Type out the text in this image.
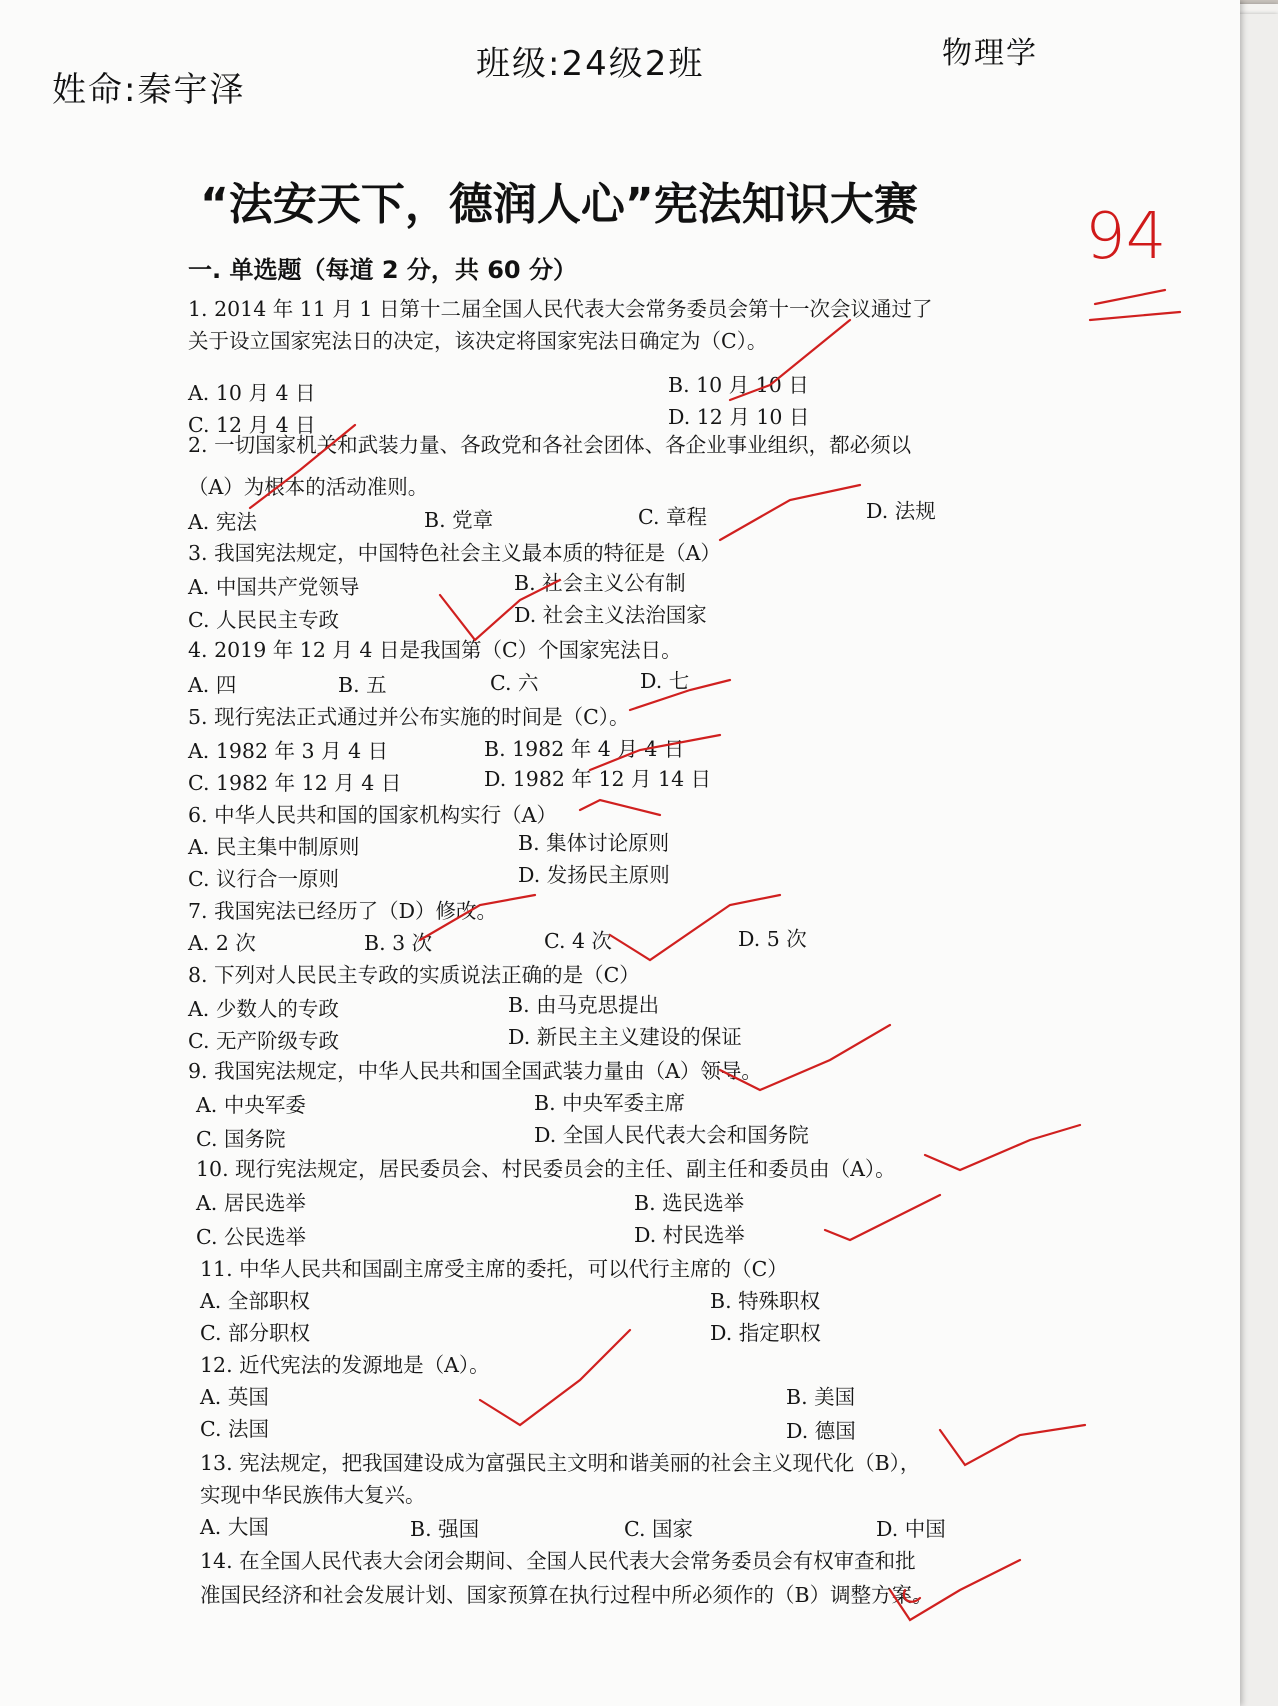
姓命:秦宇泽
班级:24级2班	物理学
“法安天下，德润人心”宪法知识大赛
一. 单选题（每道 2 分，共 60 分）	94
1. 2014 年 11 月 1 日第十二届全国人民代表大会常务委员会第十一次会议通过了
关于设立国家宪法日的决定，该决定将国家宪法日确定为（C）。
A. 10 月 4 日	B. 10 月 10 日
C. 12 月 4 日	D. 12 月 10 日
2. 一切国家机关和武装力量、各政党和各社会团体、各企业事业组织，都必须以
（A）为根本的活动准则。
A. 宪法	B. 党章	C. 章程	D. 法规
3. 我国宪法规定，中国特色社会主义最本质的特征是（A）
A. 中国共产党领导	B. 社会主义公有制
C. 人民民主专政	D. 社会主义法治国家
4. 2019 年 12 月 4 日是我国第（C）个国家宪法日。
A. 四	B. 五	C. 六	D. 七
5. 现行宪法正式通过并公布实施的时间是（C）。
A. 1982 年 3 月 4 日	B. 1982 年 4 月 4 日
C. 1982 年 12 月 4 日	D. 1982 年 12 月 14 日
6. 中华人民共和国的国家机构实行（A）
A. 民主集中制原则	B. 集体讨论原则
C. 议行合一原则	D. 发扬民主原则
7. 我国宪法已经历了（D）修改。
A. 2 次	B. 3 次	C. 4 次	D. 5 次
8. 下列对人民民主专政的实质说法正确的是（C）
A. 少数人的专政	B. 由马克思提出
C. 无产阶级专政	D. 新民主主义建设的保证
9. 我国宪法规定，中华人民共和国全国武装力量由（A）领导。
A. 中央军委	B. 中央军委主席
C. 国务院	D. 全国人民代表大会和国务院
10. 现行宪法规定，居民委员会、村民委员会的主任、副主任和委员由（A）。
A. 居民选举	B. 选民选举
C. 公民选举	D. 村民选举
11. 中华人民共和国副主席受主席的委托，可以代行主席的（C）
A. 全部职权	B. 特殊职权
C. 部分职权	D. 指定职权
12. 近代宪法的发源地是（A）。
A. 英国	B. 美国
C. 法国	D. 德国
13. 宪法规定，把我国建设成为富强民主文明和谐美丽的社会主义现代化（B），
实现中华民族伟大复兴。
A. 大国	B. 强国	C. 国家	D. 中国
14. 在全国人民代表大会闭会期间、全国人民代表大会常务委员会有权审查和批
准国民经济和社会发展计划、国家预算在执行过程中所必须作的（B）调整方案。
